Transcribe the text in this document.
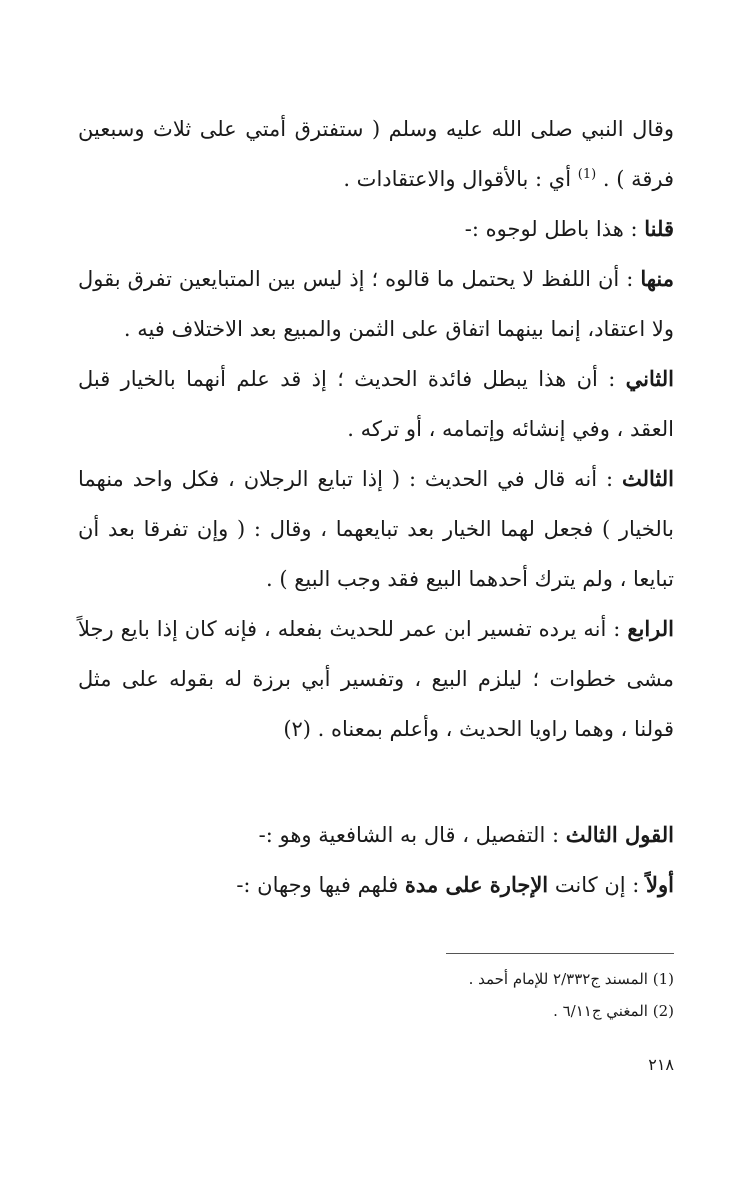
وقال النبي صلى الله عليه وسلم ( ستفترق أمتي على ثلاث وسبعين فرقة ) . $^{(1)}$ أي : بالأقوال والاعتقادات .

قلنا : هذا باطل لوجوه :-

منها : أن اللفظ لا يحتمل ما قالوه ؛ إذ ليس بين المتبايعين تفرق بقول ولا اعتقاد، إنما بينهما اتفاق على الثمن والمبيع بعد الاختلاف فيه .

الثاني : أن هذا يبطل فائدة الحديث ؛ إذ قد علم أنهما بالخيار قبل العقد ، وفي إنشائه وإتمامه ، أو تركه .

الثالث : أنه قال في الحديث : ( إذا تبايع الرجلان ، فكل واحد منهما بالخيار ) فجعل لهما الخيار بعد تبايعهما ، وقال : ( وإن تفرقا بعد أن تبايعا ، ولم يترك أحدهما البيع فقد وجب البيع ) .

الرابع : أنه يرده تفسير ابن عمر للحديث بفعله ، فإنه كان إذا بايع رجلاً مشى خطوات ؛ ليلزم البيع ، وتفسير أبي برزة له بقوله على مثل قولنا ، وهما راويا الحديث ، وأعلم بمعناه . (٢)

القول الثالث : التفصيل ، قال به الشافعية وهو :-

أولاً : إن كانت الإجارة على مدة فلهم فيها وجهان :-

(1) المسند ج٢/٣٣٢ للإمام أحمد .

(2) المغني ج٦/١١ .

٢١٨
